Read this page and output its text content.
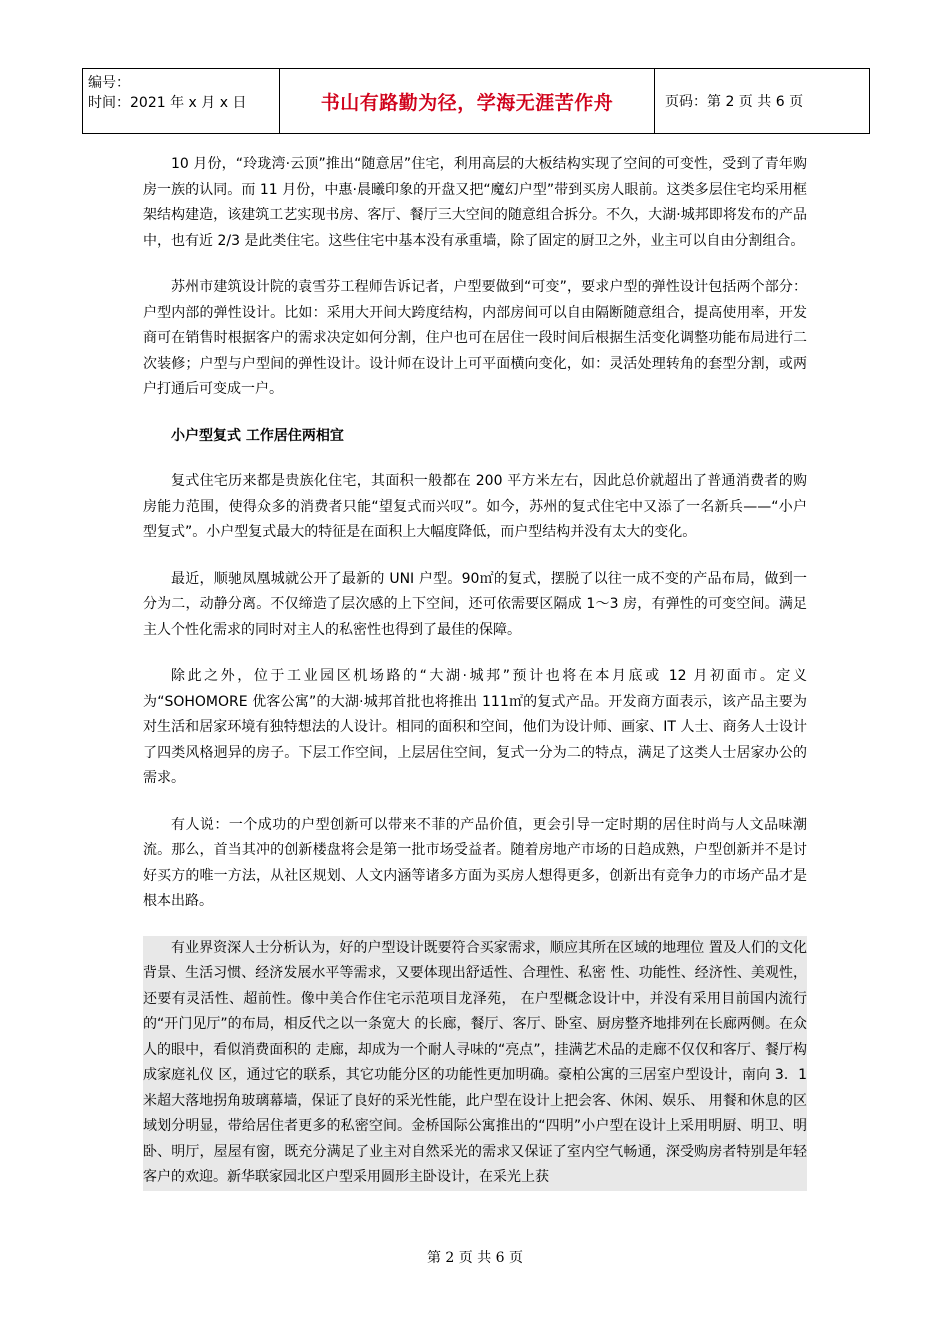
编号：
时间：2021 年 x 月 x 日	书山有路勤为径，学海无涯苦作舟	页码：第 2 页 共 6 页

10 月份，“玲珑湾·云顶”推出“随意居”住宅，利用高层的大板结构实现了空间的可变性，受到了青年购房一族的认同。而 11 月份，中惠·晨曦印象的开盘又把“魔幻户型”带到买房人眼前。这类多层住宅均采用框架结构建造，该建筑工艺实现书房、客厅、餐厅三大空间的随意组合拆分。不久，大湖·城邦即将发布的产品中，也有近 2/3 是此类住宅。这些住宅中基本没有承重墙，除了固定的厨卫之外，业主可以自由分割组合。

苏州市建筑设计院的袁雪芬工程师告诉记者，户型要做到“可变”，要求户型的弹性设计包括两个部分：户型内部的弹性设计。比如：采用大开间大跨度结构，内部房间可以自由隔断随意组合，提高使用率，开发商可在销售时根据客户的需求决定如何分割，住户也可在居住一段时间后根据生活变化调整功能布局进行二次装修；户型与户型间的弹性设计。设计师在设计上可平面横向变化，如：灵活处理转角的套型分割，或两户打通后可变成一户。

小户型复式 工作居住两相宜

复式住宅历来都是贵族化住宅，其面积一般都在 200 平方米左右，因此总价就超出了普通消费者的购房能力范围，使得众多的消费者只能“望复式而兴叹”。如今，苏州的复式住宅中又添了一名新兵——“小户型复式”。小户型复式最大的特征是在面积上大幅度降低，而户型结构并没有太大的变化。

最近，顺驰凤凰城就公开了最新的 UNI 户型。90㎡的复式，摆脱了以往一成不变的产品布局，做到一分为二，动静分离。不仅缔造了层次感的上下空间，还可依需要区隔成 1～3 房，有弹性的可变空间。满足主人个性化需求的同时对主人的私密性也得到了最佳的保障。

除此之外，位于工业园区机场路的“大湖·城邦”预计也将在本月底或 12 月初面市。定义为“SOHOMORE 优客公寓”的大湖·城邦首批也将推出 111㎡的复式产品。开发商方面表示，该产品主要为对生活和居家环境有独特想法的人设计。相同的面积和空间，他们为设计师、画家、IT 人士、商务人士设计了四类风格迥异的房子。下层工作空间，上层居住空间，复式一分为二的特点，满足了这类人士居家办公的需求。

有人说：一个成功的户型创新可以带来不菲的产品价值，更会引导一定时期的居住时尚与人文品味潮流。那么，首当其冲的创新楼盘将会是第一批市场受益者。随着房地产市场的日趋成熟，户型创新并不是讨好买方的唯一方法，从社区规划、人文内涵等诸多方面为买房人想得更多，创新出有竞争力的市场产品才是根本出路。

有业界资深人士分析认为，好的户型设计既要符合买家需求，顺应其所在区域的地理位 置及人们的文化背景、生活习惯、经济发展水平等需求，又要体现出舒适性、合理性、私密 性、功能性、经济性、美观性，还要有灵活性、超前性。像中美合作住宅示范项目龙泽苑， 在户型概念设计中，并没有采用目前国内流行的“开门见厅”的布局，相反代之以一条宽大 的长廊，餐厅、客厅、卧室、厨房整齐地排列在长廊两侧。在众人的眼中，看似消费面积的 走廊，却成为一个耐人寻味的“亮点”，挂满艺术品的走廊不仅仅和客厅、餐厅构成家庭礼仪 区，通过它的联系，其它功能分区的功能性更加明确。豪柏公寓的三居室户型设计，南向 3．1 米超大落地拐角玻璃幕墙，保证了良好的采光性能，此户型在设计上把会客、休闲、娱乐、 用餐和休息的区域划分明显，带给居住者更多的私密空间。金桥国际公寓推出的“四明”小户型在设计上采用明厨、明卫、明卧、明厅，屋屋有窗，既充分满足了业主对自然采光的需求又保证了室内空气畅通，深受购房者特别是年轻客户的欢迎。新华联家园北区户型采用圆形主卧设计，在采光上获

第 2 页 共 6 页
